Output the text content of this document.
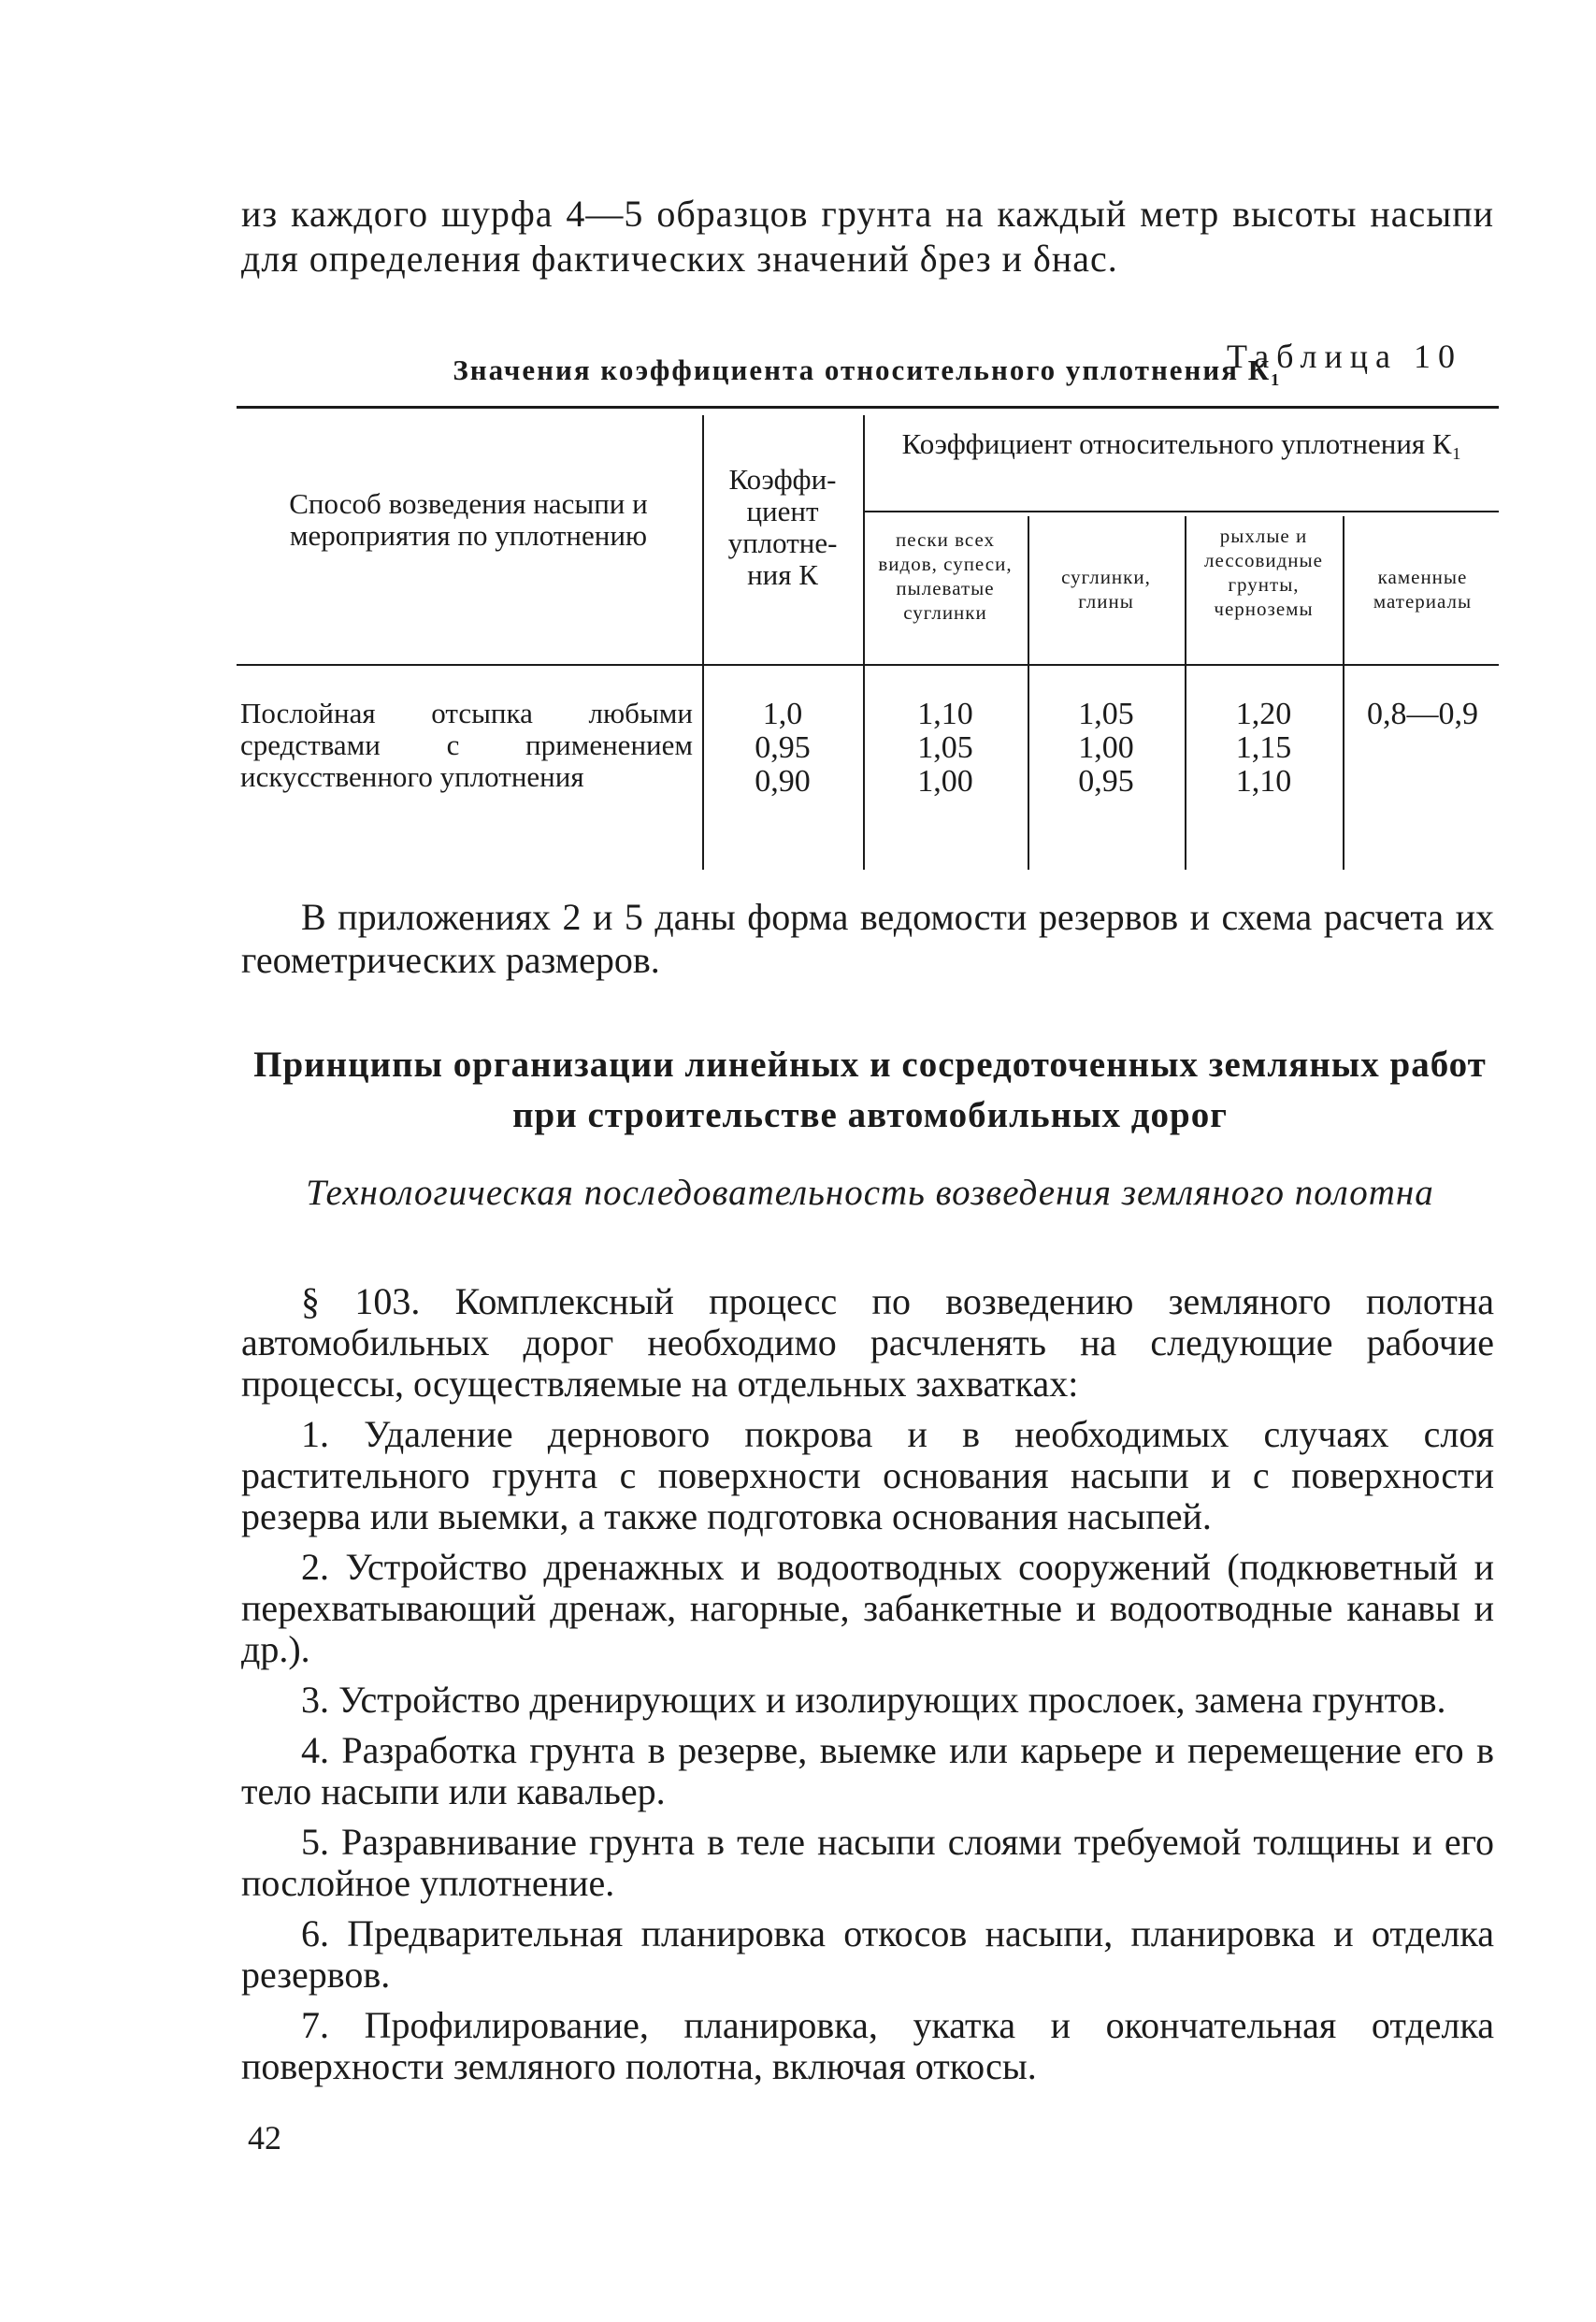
из каждого шурфа 4—5 образцов грунта на каждый метр высоты насыпи для определения фактических значений δрез и δнас.

Таблица 10
Значения коэффициента относительного уплотнения К₁
Способ возведения насыпи и мероприятия по уплотнению
Коэффи-циент уплотне-ния К
Коэффициент относительного уплотнения К₁
пески всех видов, супеси, пылеватые суглинки
суглинки, глины
рыхлые и лессовидные грунты, черноземы
каменные материалы
Послойная отсыпка любыми средствами с применением искусственного уплотнения
1,0
0,95
0,90
1,10
1,05
1,00
1,05
1,00
0,95
1,20
1,15
1,10
0,8—0,9

В приложениях 2 и 5 даны форма ведомости резервов и схема расчета их геометрических размеров.

Принципы организации линейных и сосредоточенных земляных работ при строительстве автомобильных дорог
Технологическая последовательность возведения земляного полотна

§ 103. Комплексный процесс по возведению земляного полотна автомобильных дорог необходимо расчленять на следующие рабочие процессы, осуществляемые на отдельных захватках:

1. Удаление дернового покрова и в необходимых случаях слоя растительного грунта с поверхности основания насыпи и с поверхности резерва или выемки, а также подготовка основания насыпей.

2. Устройство дренажных и водоотводных сооружений (подкюветный и перехватывающий дренаж, нагорные, забанкетные и водоотводные канавы и др.).

3. Устройство дренирующих и изолирующих прослоек, замена грунтов.

4. Разработка грунта в резерве, выемке или карьере и перемещение его в тело насыпи или кавальер.

5. Разравнивание грунта в теле насыпи слоями требуемой толщины и его послойное уплотнение.

6. Предварительная планировка откосов насыпи, планировка и отделка резервов.

7. Профилирование, планировка, укатка и окончательная отделка поверхности земляного полотна, включая откосы.

42
